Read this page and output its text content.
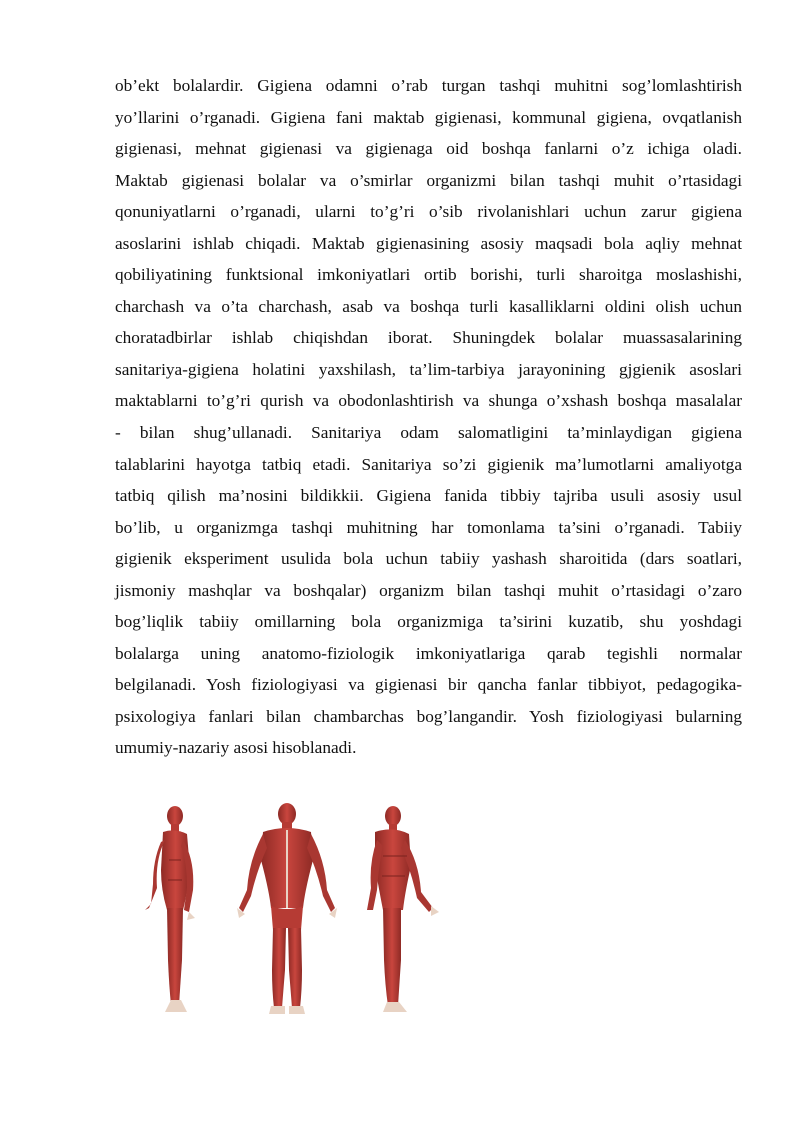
ob’ekt bolalardir. Gigiena odamni o’rab turgan tashqi muhitni sog’lomlashtirish
yo’llarini o’rganadi. Gigiena fani maktab gigienasi, kommunal gigiena, ovqatlanish
gigienasi, mehnat gigienasi va gigienaga oid boshqa fanlarni o’z ichiga oladi.
Maktab gigienasi bolalar va o’smirlar organizmi bilan tashqi muhit o’rtasidagi
qonuniyatlarni o’rganadi, ularni to’g’ri o’sib rivolanishlari uchun zarur gigiena
asoslarini ishlab chiqadi. Maktab gigienasining asosiy maqsadi bola aqliy mehnat
qobiliyatining funktsional imkoniyatlari ortib borishi, turli sharoitga moslashishi,
charchash va o’ta charchash, asab va boshqa turli kasalliklarni oldini olish uchun
choratadbirlar ishlab chiqishdan iborat. Shuningdek bolalar muassasalarining
sanitariya-gigiena holatini yaxshilash, ta’lim-tarbiya jarayonining gjgienik asoslari
maktablarni to’g’ri qurish va obodonlashtirish va shunga o’xshash boshqa masalalar
- bilan shug’ullanadi. Sanitariya odam salomatligini ta’minlaydigan gigiena
talablarini hayotga tatbiq etadi. Sanitariya so’zi gigienik ma’lumotlarni amaliyotga
tatbiq qilish ma’nosini bildikkii. Gigiena fanida tibbiy tajriba usuli asosiy usul
bo’lib, u organizmga tashqi muhitning har tomonlama ta’sini o’rganadi. Tabiiy
gigienik eksperiment usulida bola uchun tabiiy yashash sharoitida (dars soatlari,
jismoniy mashqlar va boshqalar) organizm bilan tashqi muhit o’rtasidagi o’zaro
bog’liqlik tabiiy omillarning bola organizmiga ta’sirini kuzatib, shu yoshdagi
bolalarga uning anatomo-fiziologik imkoniyatlariga qarab tegishli normalar
belgilanadi. Yosh fiziologiyasi va gigienasi bir qancha fanlar tibbiyot, pedagogika-
psixologiya fanlari bilan chambarchas bog’langandir. Yosh fiziologiyasi bularning
umumiy-nazariy asosi hisoblanadi.
